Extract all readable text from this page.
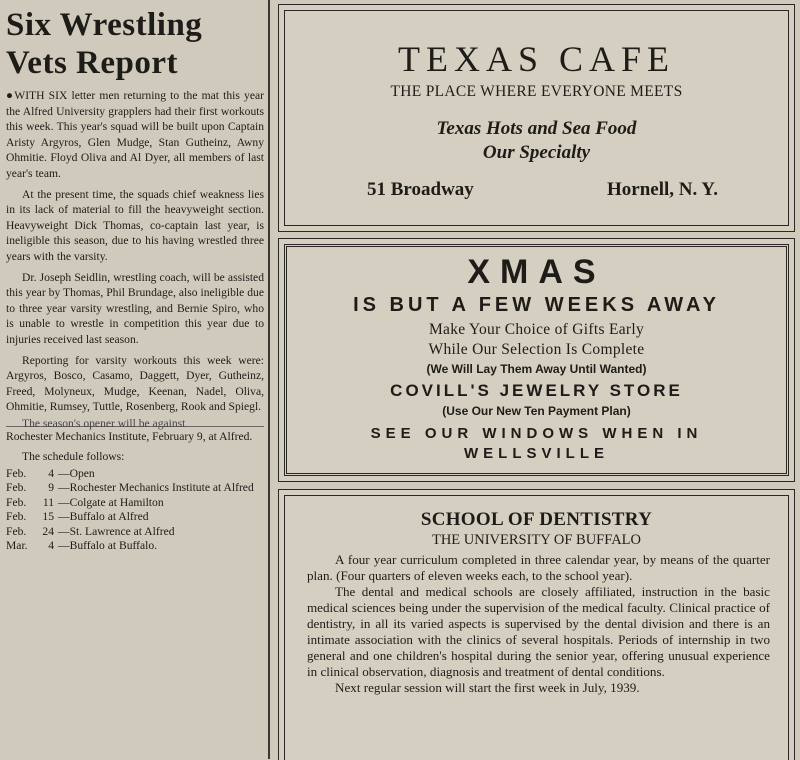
Six Wrestling
Vets Report

●WITH SIX letter men returning to the mat this year the Alfred University grapplers had their first workouts this week. This year's squad will be built upon Captain Aristy Argyros, Glen Mudge, Stan Gutheinz, Awny Ohmitie. Floyd Oliva and Al Dyer, all members of last year's team.

At the present time, the squads chief weakness lies in its lack of material to fill the heavyweight section. Heavyweight Dick Thomas, co-captain last year, is ineligible this season, due to his having wrestled three years with the varsity.

Dr. Joseph Seidlin, wrestling coach, will be assisted this year by Thomas, Phil Brundage, also ineligible due to three year varsity wrestling, and Bernie Spiro, who is unable to wrestle in competition this year due to injuries received last season.

Reporting for varsity workouts this week were: Argyros, Bosco, Casamo, Daggett, Dyer, Gutheinz, Freed, Molyneux, Mudge, Keenan, Nadel, Oliva, Ohmitie, Rumsey, Tuttle, Rosenberg, Rook and Spiegl.

The season's opener will be against

Rochester Mechanics Institute, February 9, at Alfred.

The schedule follows:

Feb.	4 — Open
Feb.	9 — Rochester Mechanics Institute at Alfred
Feb.	11 — Colgate at Hamilton
Feb.	15 — Buffalo at Alfred
Feb.	24 — St. Lawrence at Alfred
Mar.	4 — Buffalo at Buffalo.
TEXAS CAFE
THE PLACE WHERE EVERYONE MEETS
Texas Hots and Sea Food
Our Specialty
51 Broadway	Hornell, N. Y.
XMAS
IS BUT A FEW WEEKS AWAY
Make Your Choice of Gifts Early
While Our Selection Is Complete
(We Will Lay Them Away Until Wanted)
COVILL'S JEWELRY STORE
(Use Our New Ten Payment Plan)
SEE OUR WINDOWS WHEN IN
WELLSVILLE
SCHOOL OF DENTISTRY
THE UNIVERSITY OF BUFFALO

A four year curriculum completed in three calendar year, by means of the quarter plan. (Four quarters of eleven weeks each, to the school year).

The dental and medical schools are closely affiliated, instruction in the basic medical sciences being under the supervision of the medical faculty. Clinical practice of dentistry, in all its varied aspects is supervised by the dental division and there is an intimate association with the clinics of several hospitals. Periods of internship in two general and one children's hospital during the senior year, offering unusual experience in clinical observation, diagnosis and treatment of dental conditions.

Next regular session will start the first week in July, 1939.
